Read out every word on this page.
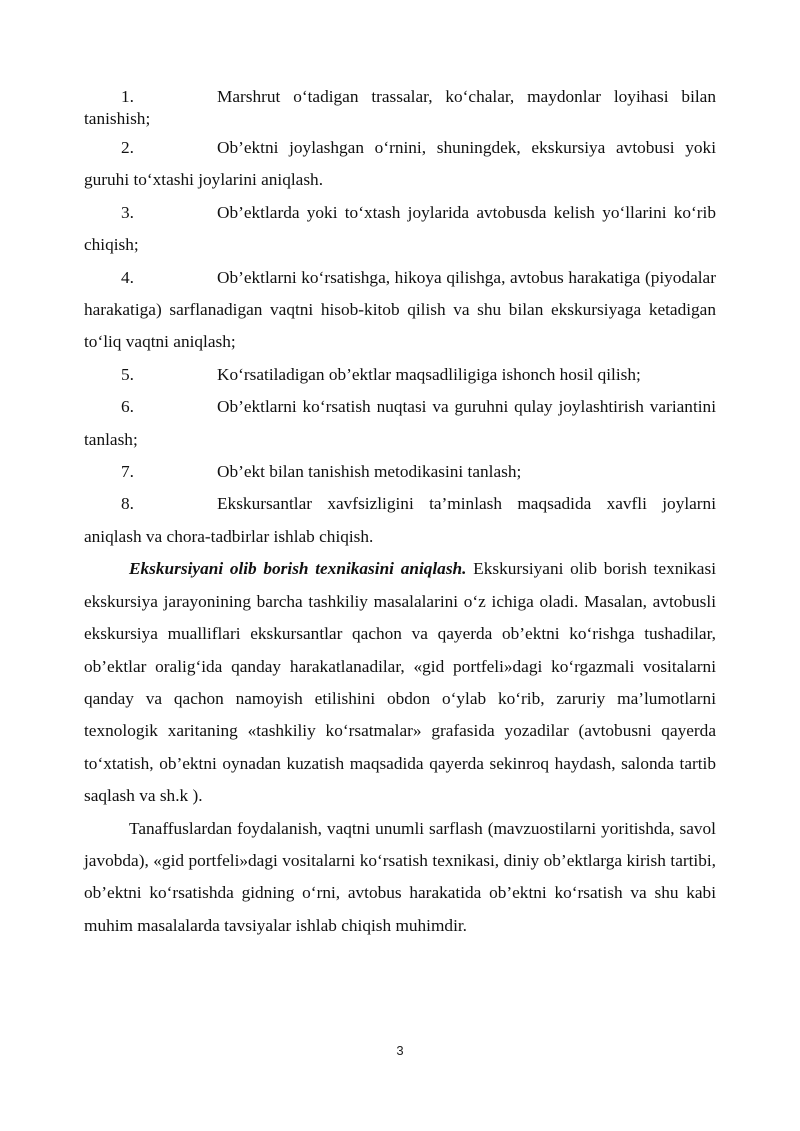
1.	Marshrut o‘tadigan trassalar, ko‘chalar, maydonlar loyihasi bilan tanishish;

2.	Ob’ektni joylashgan o‘rnini, shuningdek, ekskursiya avtobusi yoki guruhi to‘xtashi joylarini aniqlash.

3.	Ob’ektlarda yoki to‘xtash joylarida avtobusda kelish yo‘llarini ko‘rib chiqish;

4.	Ob’ektlarni ko‘rsatishga, hikoya qilishga, avtobus harakatiga (piyodalar harakatiga) sarflanadigan vaqtni hisob-kitob qilish va shu bilan ekskursiyaga ketadigan to‘liq vaqtni aniqlash;

5.	Ko‘rsatiladigan ob’ektlar maqsadliligiga ishonch hosil qilish;

6.	Ob’ektlarni ko‘rsatish nuqtasi va guruhni qulay joylashtirish variantini tanlash;

7.	Ob’ekt bilan tanishish metodikasini tanlash;

8.	Ekskursantlar xavfsizligini ta’minlash maqsadida xavfli joylarni aniqlash va chora-tadbirlar ishlab chiqish.

Ekskursiyani olib borish texnikasini aniqlash. Ekskursiyani olib borish texnikasi ekskursiya jarayonining barcha tashkiliy masalalarini o‘z ichiga oladi. Masalan, avtobusli ekskursiya mualliflari ekskursantlar qachon va qayerda ob’ektni ko‘rishga tushadilar, ob’ektlar oralig‘ida qanday harakatlanadilar, «gid portfeli»dagi ko‘rgazmali vositalarni qanday va qachon namoyish etilishini obdon o‘ylab ko‘rib, zaruriy ma’lumotlarni texnologik xaritaning «tashkiliy ko‘rsatmalar» grafasida yozadilar (avtobusni qayerda to‘xtatish, ob’ektni oynadan kuzatish maqsadida qayerda sekinroq haydash, salonda tartib saqlash va sh.k ).

Tanaffuslardan foydalanish, vaqtni unumli sarflash (mavzuostilarni yoritishda, savol javobda), «gid portfeli»dagi vositalarni ko‘rsatish texnikasi, diniy ob’ektlarga kirish tartibi, ob’ektni ko‘rsatishda gidning o‘rni, avtobus harakatida ob’ektni ko‘rsatish va shu kabi muhim masalalarda tavsiyalar ishlab chiqish muhimdir.

3
